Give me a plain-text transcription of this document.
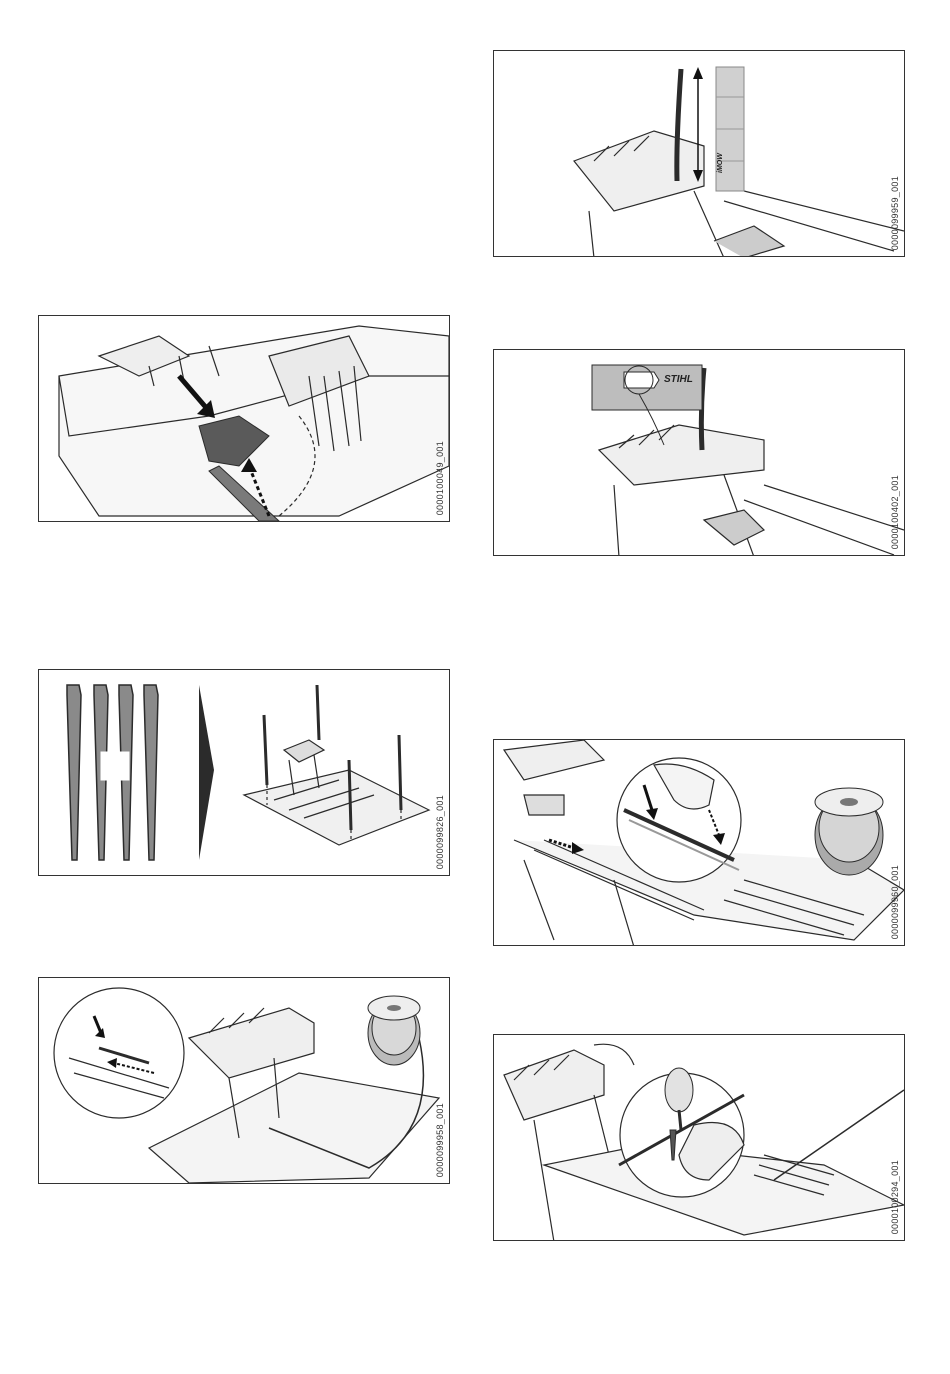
0000100049_001
0000099826_001
0000099958_001
iMOW
0000099959_001
STIHL
0000100402_001
0000099960_001
0000100294_001
